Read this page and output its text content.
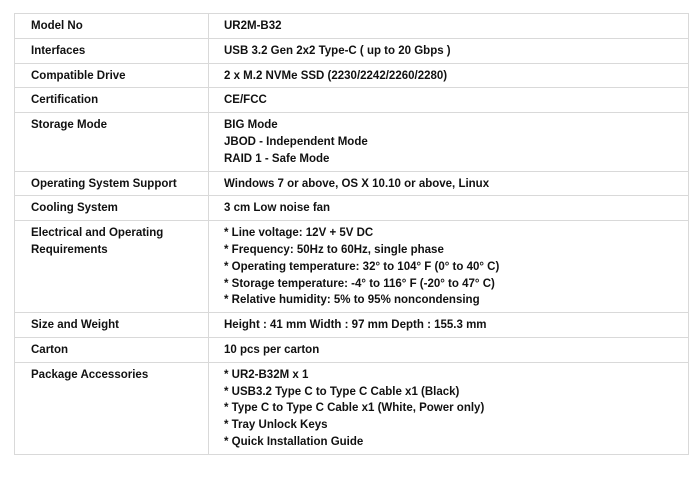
Model No	UR2M-B32

Interfaces	USB 3.2 Gen 2x2 Type-C ( up to 20 Gbps )

Compatible Drive	2 x M.2 NVMe SSD (2230/2242/2260/2280)

Certification	CE/FCC

Storage Mode	BIG Mode
JBOD - Independent Mode
RAID 1 - Safe Mode

Operating System Support	Windows 7 or above, OS X 10.10 or above, Linux

Cooling System	3 cm Low noise fan

Electrical and Operating Requirements	* Line voltage: 12V + 5V DC
* Frequency: 50Hz to 60Hz, single phase
* Operating temperature: 32° to 104° F (0° to 40° C)
* Storage temperature: -4° to 116° F (-20° to 47° C)
* Relative humidity: 5% to 95% noncondensing

Size and Weight	Height : 41 mm Width : 97 mm Depth : 155.3 mm

Carton	10 pcs per carton

Package Accessories	* UR2-B32M x 1
* USB3.2 Type C to Type C Cable x1 (Black)
* Type C to Type C Cable x1 (White, Power only)
* Tray Unlock Keys
* Quick Installation Guide
